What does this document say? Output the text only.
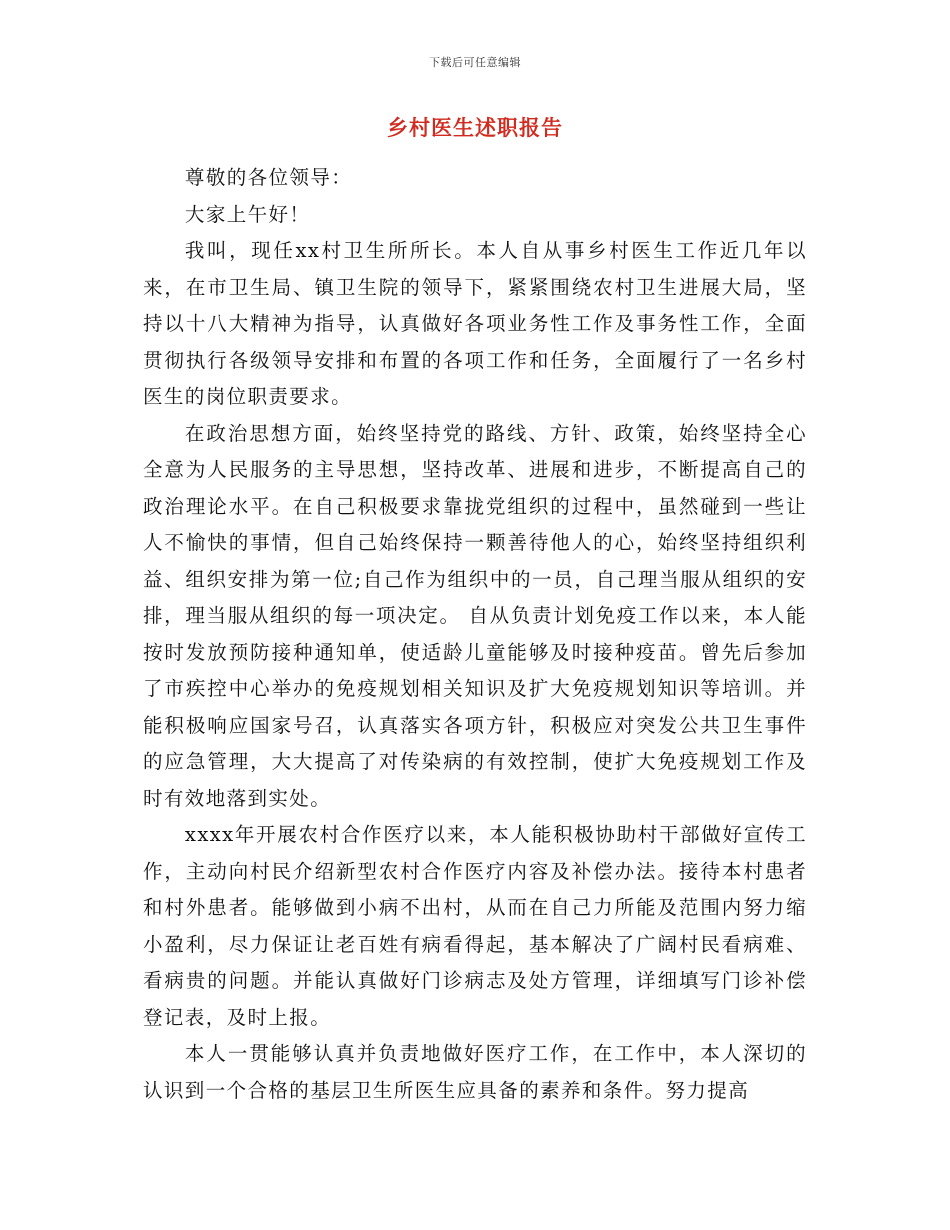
下载后可任意编辑
乡村医生述职报告

尊敬的各位领导：

大家上午好！

我叫，现任xx村卫生所所长。本人自从事乡村医生工作近几年以来，在市卫生局、镇卫生院的领导下，紧紧围绕农村卫生进展大局，坚持以十八大精神为指导，认真做好各项业务性工作及事务性工作，全面贯彻执行各级领导安排和布置的各项工作和任务，全面履行了一名乡村医生的岗位职责要求。

在政治思想方面，始终坚持党的路线、方针、政策，始终坚持全心全意为人民服务的主导思想，坚持改革、进展和进步，不断提高自己的政治理论水平。在自己积极要求靠拢党组织的过程中，虽然碰到一些让人不愉快的事情，但自己始终保持一颗善待他人的心，始终坚持组织利益、组织安排为第一位;自己作为组织中的一员，自己理当服从组织的安排，理当服从组织的每一项决定。 自从负责计划免疫工作以来，本人能按时发放预防接种通知单，使适龄儿童能够及时接种疫苗。曾先后参加了市疾控中心举办的免疫规划相关知识及扩大免疫规划知识等培训。并能积极响应国家号召，认真落实各项方针，积极应对突发公共卫生事件的应急管理，大大提高了对传染病的有效控制，使扩大免疫规划工作及时有效地落到实处。

xxxx年开展农村合作医疗以来，本人能积极协助村干部做好宣传工作，主动向村民介绍新型农村合作医疗内容及补偿办法。接待本村患者和村外患者。能够做到小病不出村，从而在自己力所能及范围内努力缩小盈利，尽力保证让老百姓有病看得起，基本解决了广阔村民看病难、看病贵的问题。并能认真做好门诊病志及处方管理，详细填写门诊补偿登记表，及时上报。

本人一贯能够认真并负责地做好医疗工作，在工作中，本人深切的认识到一个合格的基层卫生所医生应具备的素养和条件。努力提高
